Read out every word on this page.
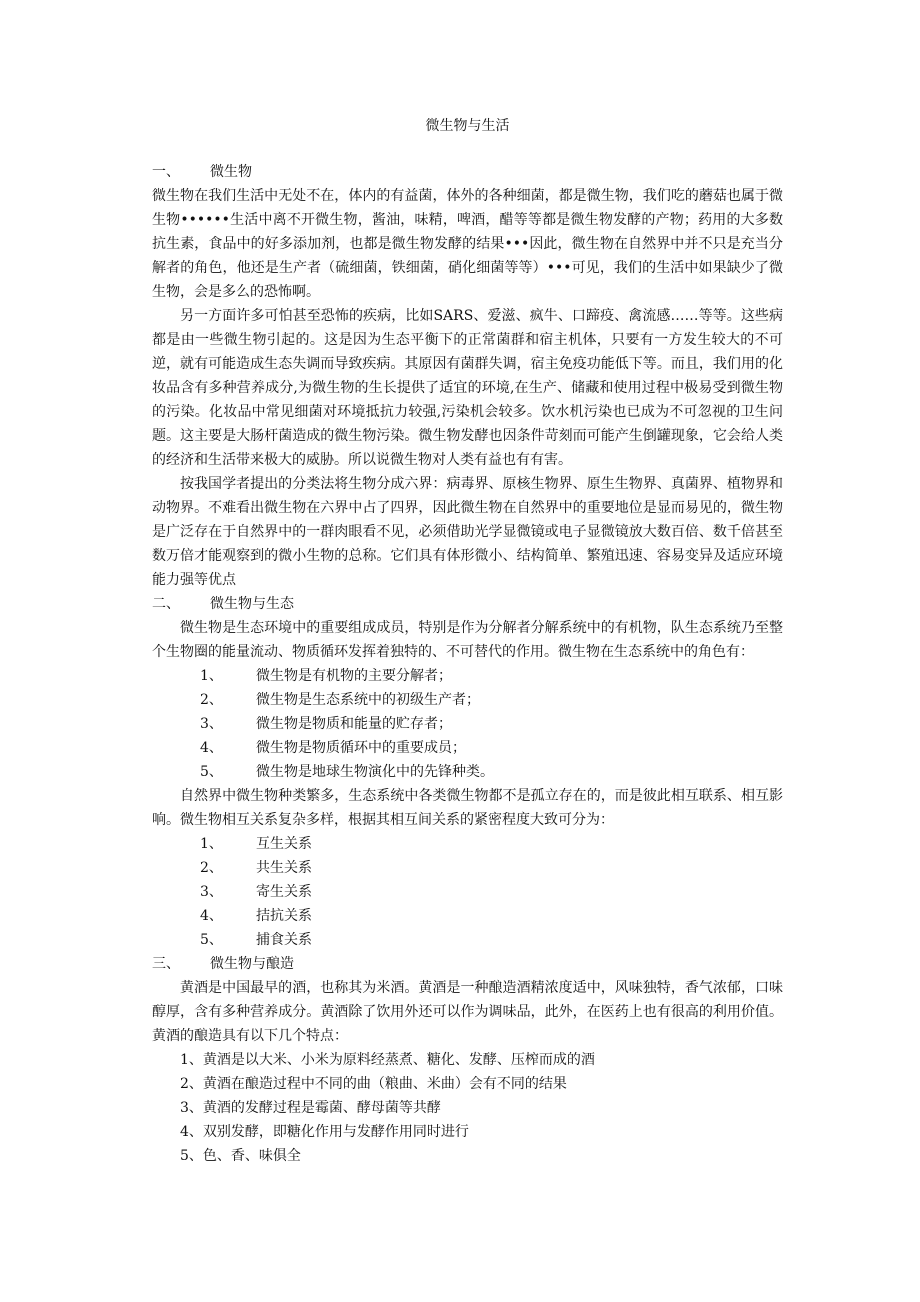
微生物与生活
一、 微生物

微生物在我们生活中无处不在，体内的有益菌，体外的各种细菌，都是微生物，我们吃的蘑菇也属于微生物••••••生活中离不开微生物，酱油，味精，啤酒，醋等等都是微生物发酵的产物；药用的大多数抗生素，食品中的好多添加剂，也都是微生物发酵的结果•••因此，微生物在自然界中并不只是充当分解者的角色，他还是生产者（硫细菌，铁细菌，硝化细菌等等）•••可见，我们的生活中如果缺少了微生物，会是多么的恐怖啊。

另一方面许多可怕甚至恐怖的疾病，比如SARS、爱滋、疯牛、口蹄疫、禽流感……等等。这些病都是由一些微生物引起的。这是因为生态平衡下的正常菌群和宿主机体，只要有一方发生较大的不可逆，就有可能造成生态失调而导致疾病。其原因有菌群失调，宿主免疫功能低下等。而且，我们用的化妆品含有多种营养成分,为微生物的生长提供了适宜的环境,在生产、储藏和使用过程中极易受到微生物的污染。化妆品中常见细菌对环境抵抗力较强,污染机会较多。饮水机污染也已成为不可忽视的卫生问题。这主要是大肠杆菌造成的微生物污染。微生物发酵也因条件苛刻而可能产生倒罐现象，它会给人类的经济和生活带来极大的威胁。所以说微生物对人类有益也有有害。

按我国学者提出的分类法将生物分成六界：病毒界、原核生物界、原生生物界、真菌界、植物界和动物界。不难看出微生物在六界中占了四界，因此微生物在自然界中的重要地位是显而易见的，微生物是广泛存在于自然界中的一群肉眼看不见，必须借助光学显微镜或电子显微镜放大数百倍、数千倍甚至数万倍才能观察到的微小生物的总称。它们具有体形微小、结构简单、繁殖迅速、容易变异及适应环境能力强等优点

二、 微生物与生态

微生物是生态环境中的重要组成成员，特别是作为分解者分解系统中的有机物，队生态系统乃至整个生物圈的能量流动、物质循环发挥着独特的、不可替代的作用。微生物在生态系统中的角色有：

1、 微生物是有机物的主要分解者；
2、 微生物是生态系统中的初级生产者；
3、 微生物是物质和能量的贮存者；
4、 微生物是物质循环中的重要成员；
5、 微生物是地球生物演化中的先锋种类。

自然界中微生物种类繁多，生态系统中各类微生物都不是孤立存在的，而是彼此相互联系、相互影响。微生物相互关系复杂多样，根据其相互间关系的紧密程度大致可分为：

1、 互生关系
2、 共生关系
3、 寄生关系
4、 拮抗关系
5、 捕食关系
三、 微生物与酿造

黄酒是中国最早的酒，也称其为米酒。黄酒是一种酿造酒精浓度适中，风味独特，香气浓郁，口味醇厚，含有多种营养成分。黄酒除了饮用外还可以作为调味品，此外，在医药上也有很高的利用价值。黄酒的酿造具有以下几个特点：

1、黄酒是以大米、小米为原料经蒸煮、糖化、发酵、压榨而成的酒
2、黄酒在酿造过程中不同的曲（粮曲、米曲）会有不同的结果
3、黄酒的发酵过程是霉菌、酵母菌等共酵
4、双别发酵，即糖化作用与发酵作用同时进行
5、色、香、味俱全
